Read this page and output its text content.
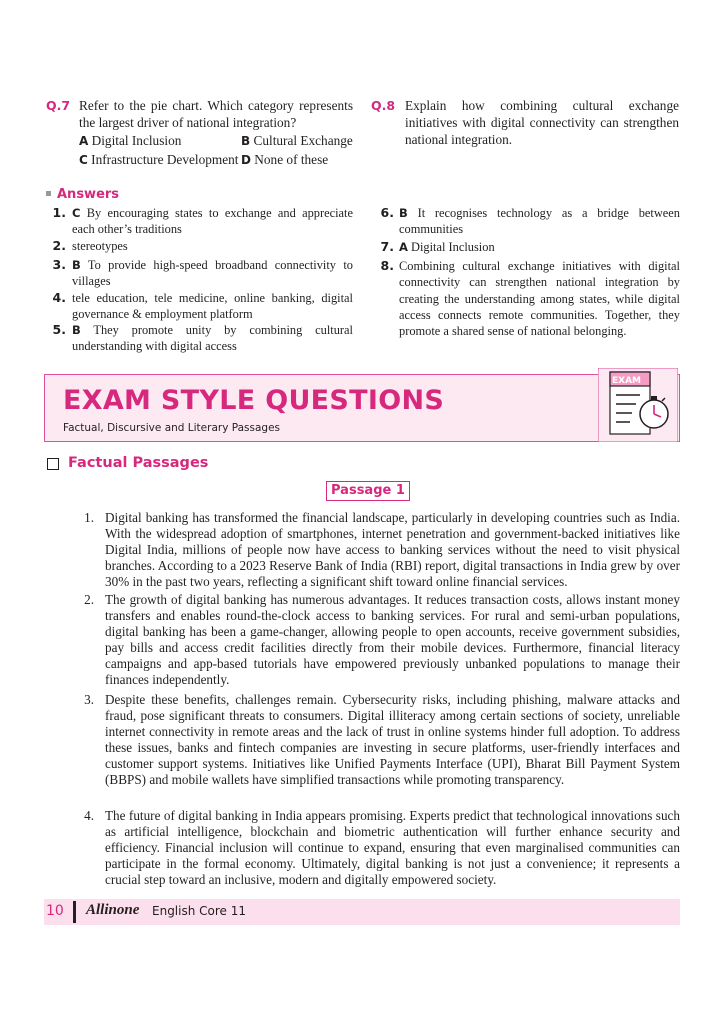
Q.7 Refer to the pie chart. Which category represents the largest driver of national integration?
A Digital Inclusion	B Cultural Exchange
C Infrastructure Development D None of these
Q.8 Explain how combining cultural exchange initiatives with digital connectivity can strengthen national integration.
Answers
1. C By encouraging states to exchange and appreciate each other’s traditions
2. stereotypes
3. B To provide high-speed broadband connectivity to villages
4. tele education, tele medicine, online banking, digital governance & employment platform
5. B They promote unity by combining cultural understanding with digital access
6. B It recognises technology as a bridge between communities
7. A Digital Inclusion
8. Combining cultural exchange initiatives with digital connectivity can strengthen national integration by creating the understanding among states, while digital access connects remote communities. Together, they promote a shared sense of national belonging.
EXAM STYLE QUESTIONS
Factual, Discursive and Literary Passages
EXAM
Factual Passages
Passage 1
1. Digital banking has transformed the financial landscape, particularly in developing countries such as India. With the widespread adoption of smartphones, internet penetration and government-backed initiatives like Digital India, millions of people now have access to banking services without the need to visit physical branches. According to a 2023 Reserve Bank of India (RBI) report, digital transactions in India grew by over 30% in the past two years, reflecting a significant shift toward online financial services.
2. The growth of digital banking has numerous advantages. It reduces transaction costs, allows instant money transfers and enables round-the-clock access to banking services. For rural and semi-urban populations, digital banking has been a game-changer, allowing people to open accounts, receive government subsidies, pay bills and access credit facilities directly from their mobile devices. Furthermore, financial literacy campaigns and app-based tutorials have empowered previously unbanked populations to manage their finances independently.
3. Despite these benefits, challenges remain. Cybersecurity risks, including phishing, malware attacks and fraud, pose significant threats to consumers. Digital illiteracy among certain sections of society, unreliable internet connectivity in remote areas and the lack of trust in online systems hinder full adoption. To address these issues, banks and fintech companies are investing in secure platforms, user-friendly interfaces and customer support systems. Initiatives like Unified Payments Interface (UPI), Bharat Bill Payment System (BBPS) and mobile wallets have simplified transactions while promoting transparency.
4. The future of digital banking in India appears promising. Experts predict that technological innovations such as artificial intelligence, blockchain and biometric authentication will further enhance security and efficiency. Financial inclusion will continue to expand, ensuring that even marginalised communities can participate in the formal economy. Ultimately, digital banking is not just a convenience; it represents a crucial step toward an inclusive, modern and digitally empowered society.
10 Allinone English Core 11
